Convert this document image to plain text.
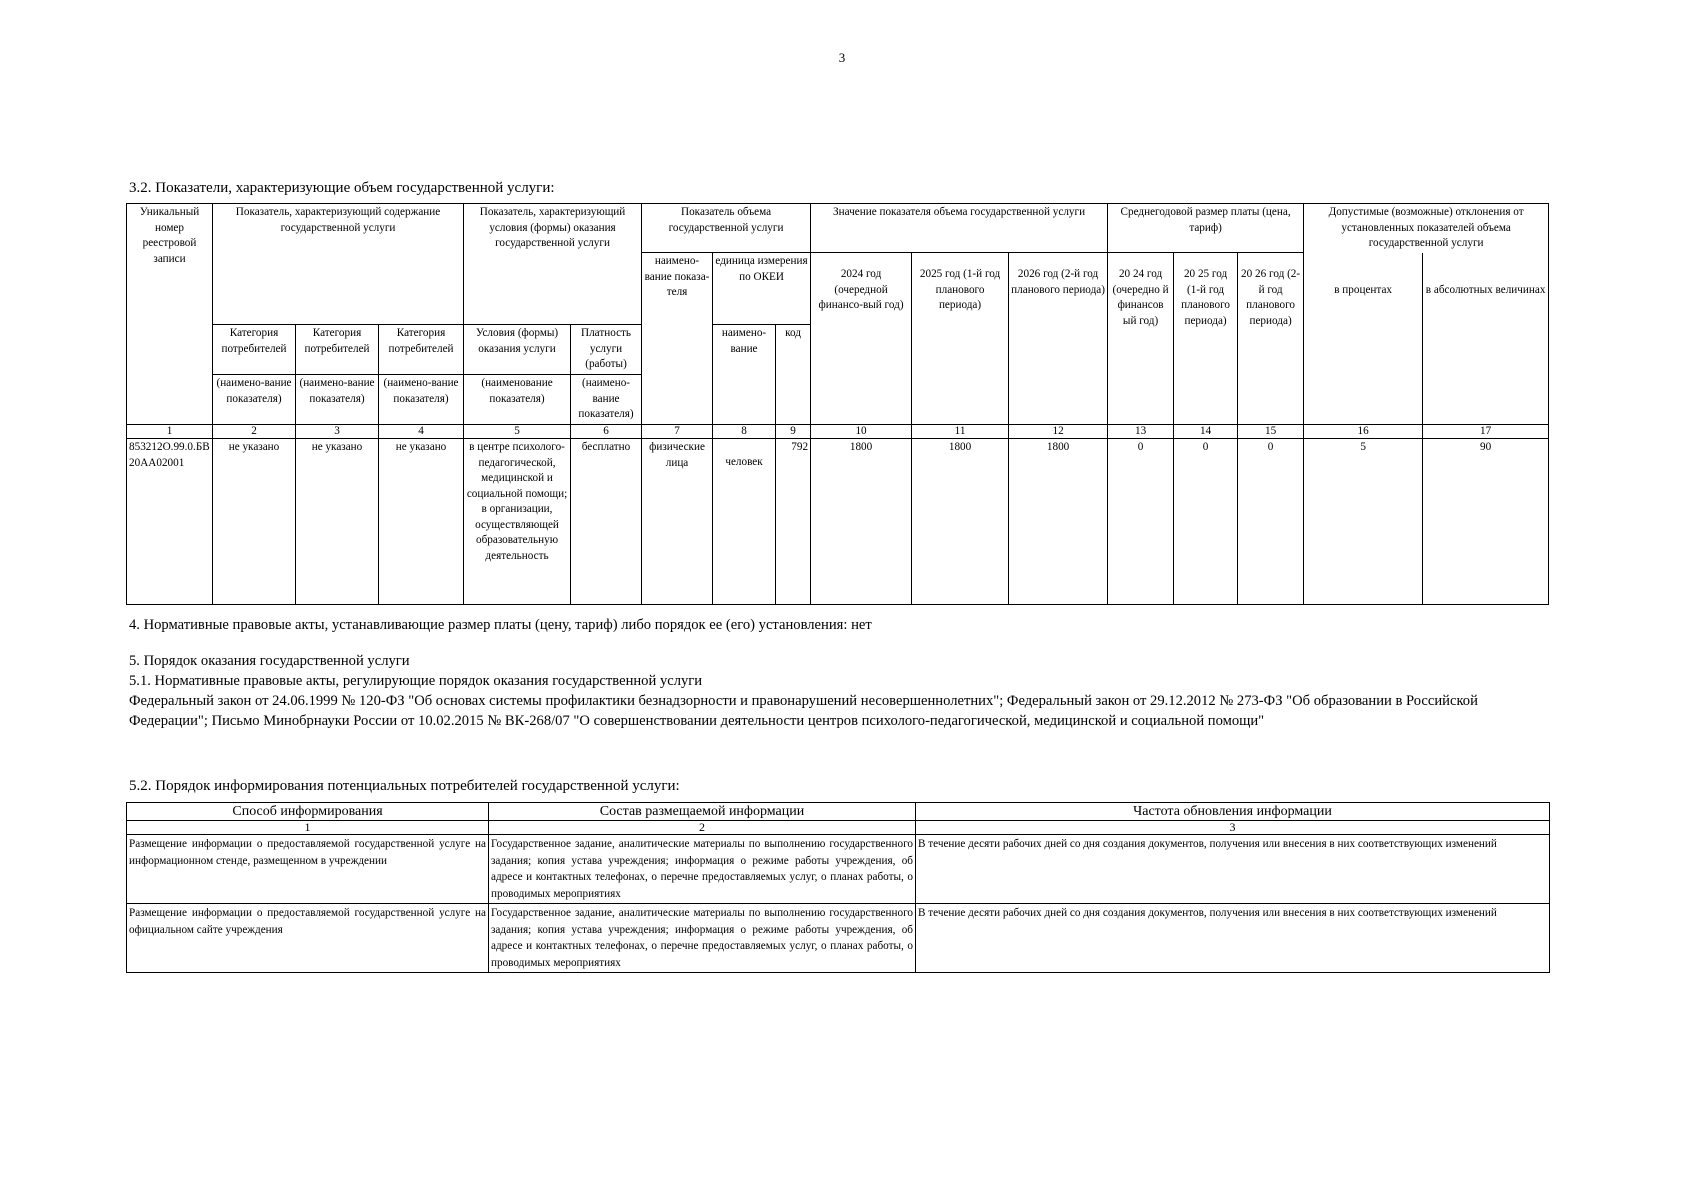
3
3.2. Показатели, характеризующие объем государственной услуги:
Уникальный номер реестровой записи	Показатель, характеризующий содержание государственной услуги			Показатель, характеризующий условия (формы) оказания государственной услуги		Показатель объема государственной услуги			Значение показателя объема государственной услуги			Среднегодовой размер платы (цена, тариф)			Допустимые (возможные) отклонения от установленных показателей объема государственной услуги	
						наимено-вание показа-теля	единица измерения по ОКЕИ		2024 год (очередной финансо-вый год)	2025 год (1-й год планового периода)	2026 год (2-й год планового периода)	20 24 год (очередно й финансов ый год)	20 25 год (1-й год планового периода)	20 26 год (2-й год планового периода)	в процентах	в абсолютных величинах
	Категория потребителей	Категория потребителей	Категория потребителей	Условия (формы) оказания услуги	Платность услуги (работы)		наимено-вание	код								
	(наимено-вание показателя)	(наимено-вание показателя)	(наимено-вание показателя)	(наименование показателя)	(наимено-вание показателя)											
1	2	3	4	5	6	7	8	9	10	11	12	13	14	15	16	17
853212О.99.0.БВ20АА02001	не указано	не указано	не указано	в центре психолого-педагогической, медицинской и социальной помощи; в организации, осуществляющей образовательную деятельность	бесплатно	физические лица	человек	792	1800	1800	1800	0	0	0	5	90
4. Нормативные правовые акты, устанавливающие размер платы (цену, тариф) либо порядок ее (его) установления: нет
5. Порядок оказания государственной услуги
5.1. Нормативные правовые акты, регулирующие порядок оказания государственной услуги
Федеральный закон от 24.06.1999 № 120-ФЗ "Об основах системы профилактики безнадзорности и правонарушений несовершеннолетних"; Федеральный закон от 29.12.2012 № 273-ФЗ "Об образовании в Российской Федерации"; Письмо Минобрнауки России от 10.02.2015 № ВК-268/07 "О совершенствовании деятельности центров психолого-педагогической, медицинской и социальной помощи"
5.2. Порядок информирования потенциальных потребителей государственной услуги:
Способ информирования	Состав размещаемой информации	Частота обновления информации
1	2	3
Размещение информации о предоставляемой государственной услуге на информационном стенде, размещенном в учреждении	Государственное задание, аналитические материалы по выполнению государственного задания; копия устава учреждения; информация о режиме работы учреждения, об адресе и контактных телефонах, о перечне предоставляемых услуг, о планах работы, о проводимых мероприятиях	В течение десяти рабочих дней со дня создания документов, получения или внесения в них соответствующих изменений
Размещение информации о предоставляемой государственной услуге на официальном сайте учреждения	Государственное задание, аналитические материалы по выполнению государственного задания; копия устава учреждения; информация о режиме работы учреждения, об адресе и контактных телефонах, о перечне предоставляемых услуг, о планах работы, о проводимых мероприятиях	В течение десяти рабочих дней со дня создания документов, получения или внесения в них соответствующих изменений
